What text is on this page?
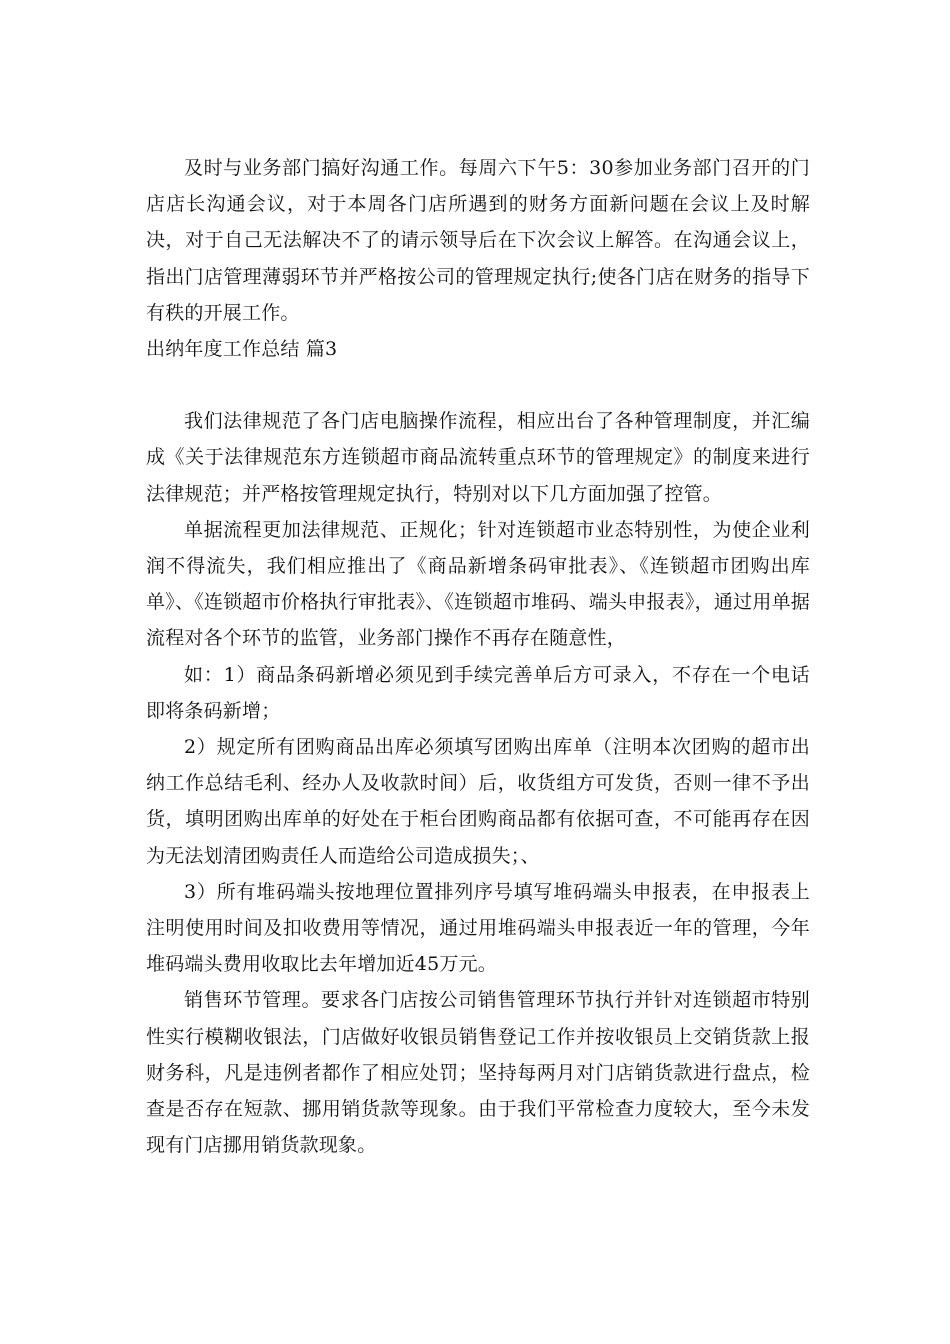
及时与业务部门搞好沟通工作。每周六下午5：30参加业务部门召开的门店店长沟通会议，对于本周各门店所遇到的财务方面新问题在会议上及时解决，对于自己无法解决不了的请示领导后在下次会议上解答。在沟通会议上，指出门店管理薄弱环节并严格按公司的管理规定执行;使各门店在财务的指导下有秩的开展工作。

出纳年度工作总结 篇3

我们法律规范了各门店电脑操作流程，相应出台了各种管理制度，并汇编成《关于法律规范东方连锁超市商品流转重点环节的管理规定》的制度来进行法律规范；并严格按管理规定执行，特别对以下几方面加强了控管。

单据流程更加法律规范、正规化；针对连锁超市业态特别性，为使企业利润不得流失，我们相应推出了《商品新增条码审批表》、《连锁超市团购出库单》、《连锁超市价格执行审批表》、《连锁超市堆码、端头申报表》，通过用单据流程对各个环节的监管，业务部门操作不再存在随意性，

如：1）商品条码新增必须见到手续完善单后方可录入，不存在一个电话即将条码新增；

2）规定所有团购商品出库必须填写团购出库单（注明本次团购的超市出纳工作总结毛利、经办人及收款时间）后，收货组方可发货，否则一律不予出货，填明团购出库单的好处在于柜台团购商品都有依据可查，不可能再存在因为无法划清团购责任人而造给公司造成损失；、

3）所有堆码端头按地理位置排列序号填写堆码端头申报表，在申报表上注明使用时间及扣收费用等情况，通过用堆码端头申报表近一年的管理，今年堆码端头费用收取比去年增加近45万元。

销售环节管理。要求各门店按公司销售管理环节执行并针对连锁超市特别性实行模糊收银法，门店做好收银员销售登记工作并按收银员上交销货款上报财务科，凡是违例者都作了相应处罚；坚持每两月对门店销货款进行盘点，检查是否存在短款、挪用销货款等现象。由于我们平常检查力度较大，至今未发现有门店挪用销货款现象。
